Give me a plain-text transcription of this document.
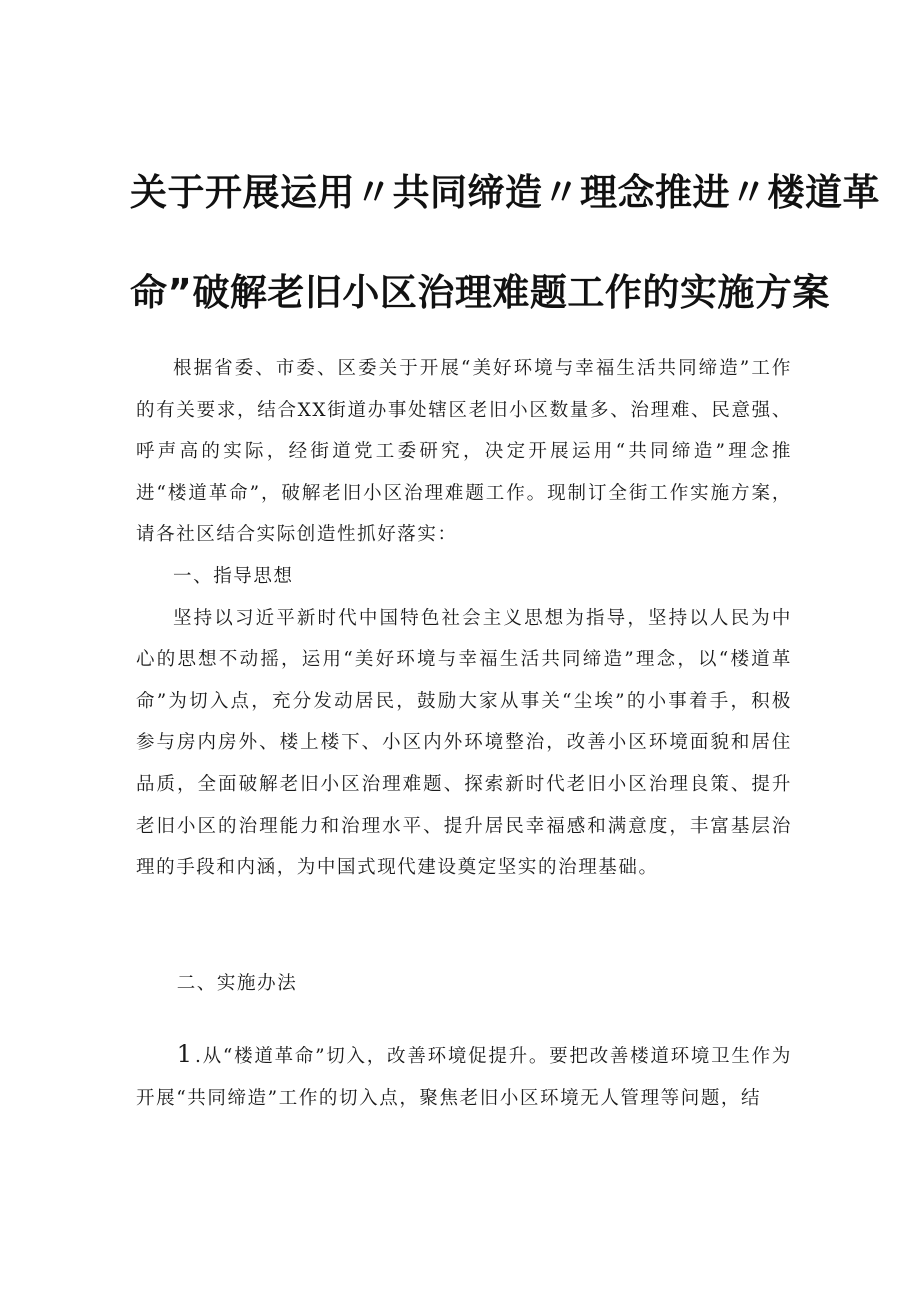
关于开展运用〃共同缔造〃理念推进〃楼道革
命”破解老旧小区治理难题工作的实施方案

根据省委、市委、区委关于开展“美好环境与幸福生活共同缔造”工作的有关要求，结合XX街道办事处辖区老旧小区数量多、治理难、民意强、呼声高的实际，经街道党工委研究，决定开展运用“共同缔造”理念推进“楼道革命”，破解老旧小区治理难题工作。现制订全街工作实施方案，请各社区结合实际创造性抓好落实：

一、指导思想

坚持以习近平新时代中国特色社会主义思想为指导，坚持以人民为中心的思想不动摇，运用“美好环境与幸福生活共同缔造”理念，以“楼道革命”为切入点，充分发动居民，鼓励大家从事关“尘埃”的小事着手，积极参与房内房外、楼上楼下、小区内外环境整治，改善小区环境面貌和居住品质，全面破解老旧小区治理难题、探索新时代老旧小区治理良策、提升老旧小区的治理能力和治理水平、提升居民幸福感和满意度，丰富基层治理的手段和内涵，为中国式现代建设奠定坚实的治理基础。

二、实施办法

1.从“楼道革命”切入，改善环境促提升。要把改善楼道环境卫生作为开展“共同缔造”工作的切入点，聚焦老旧小区环境无人管理等问题，结
